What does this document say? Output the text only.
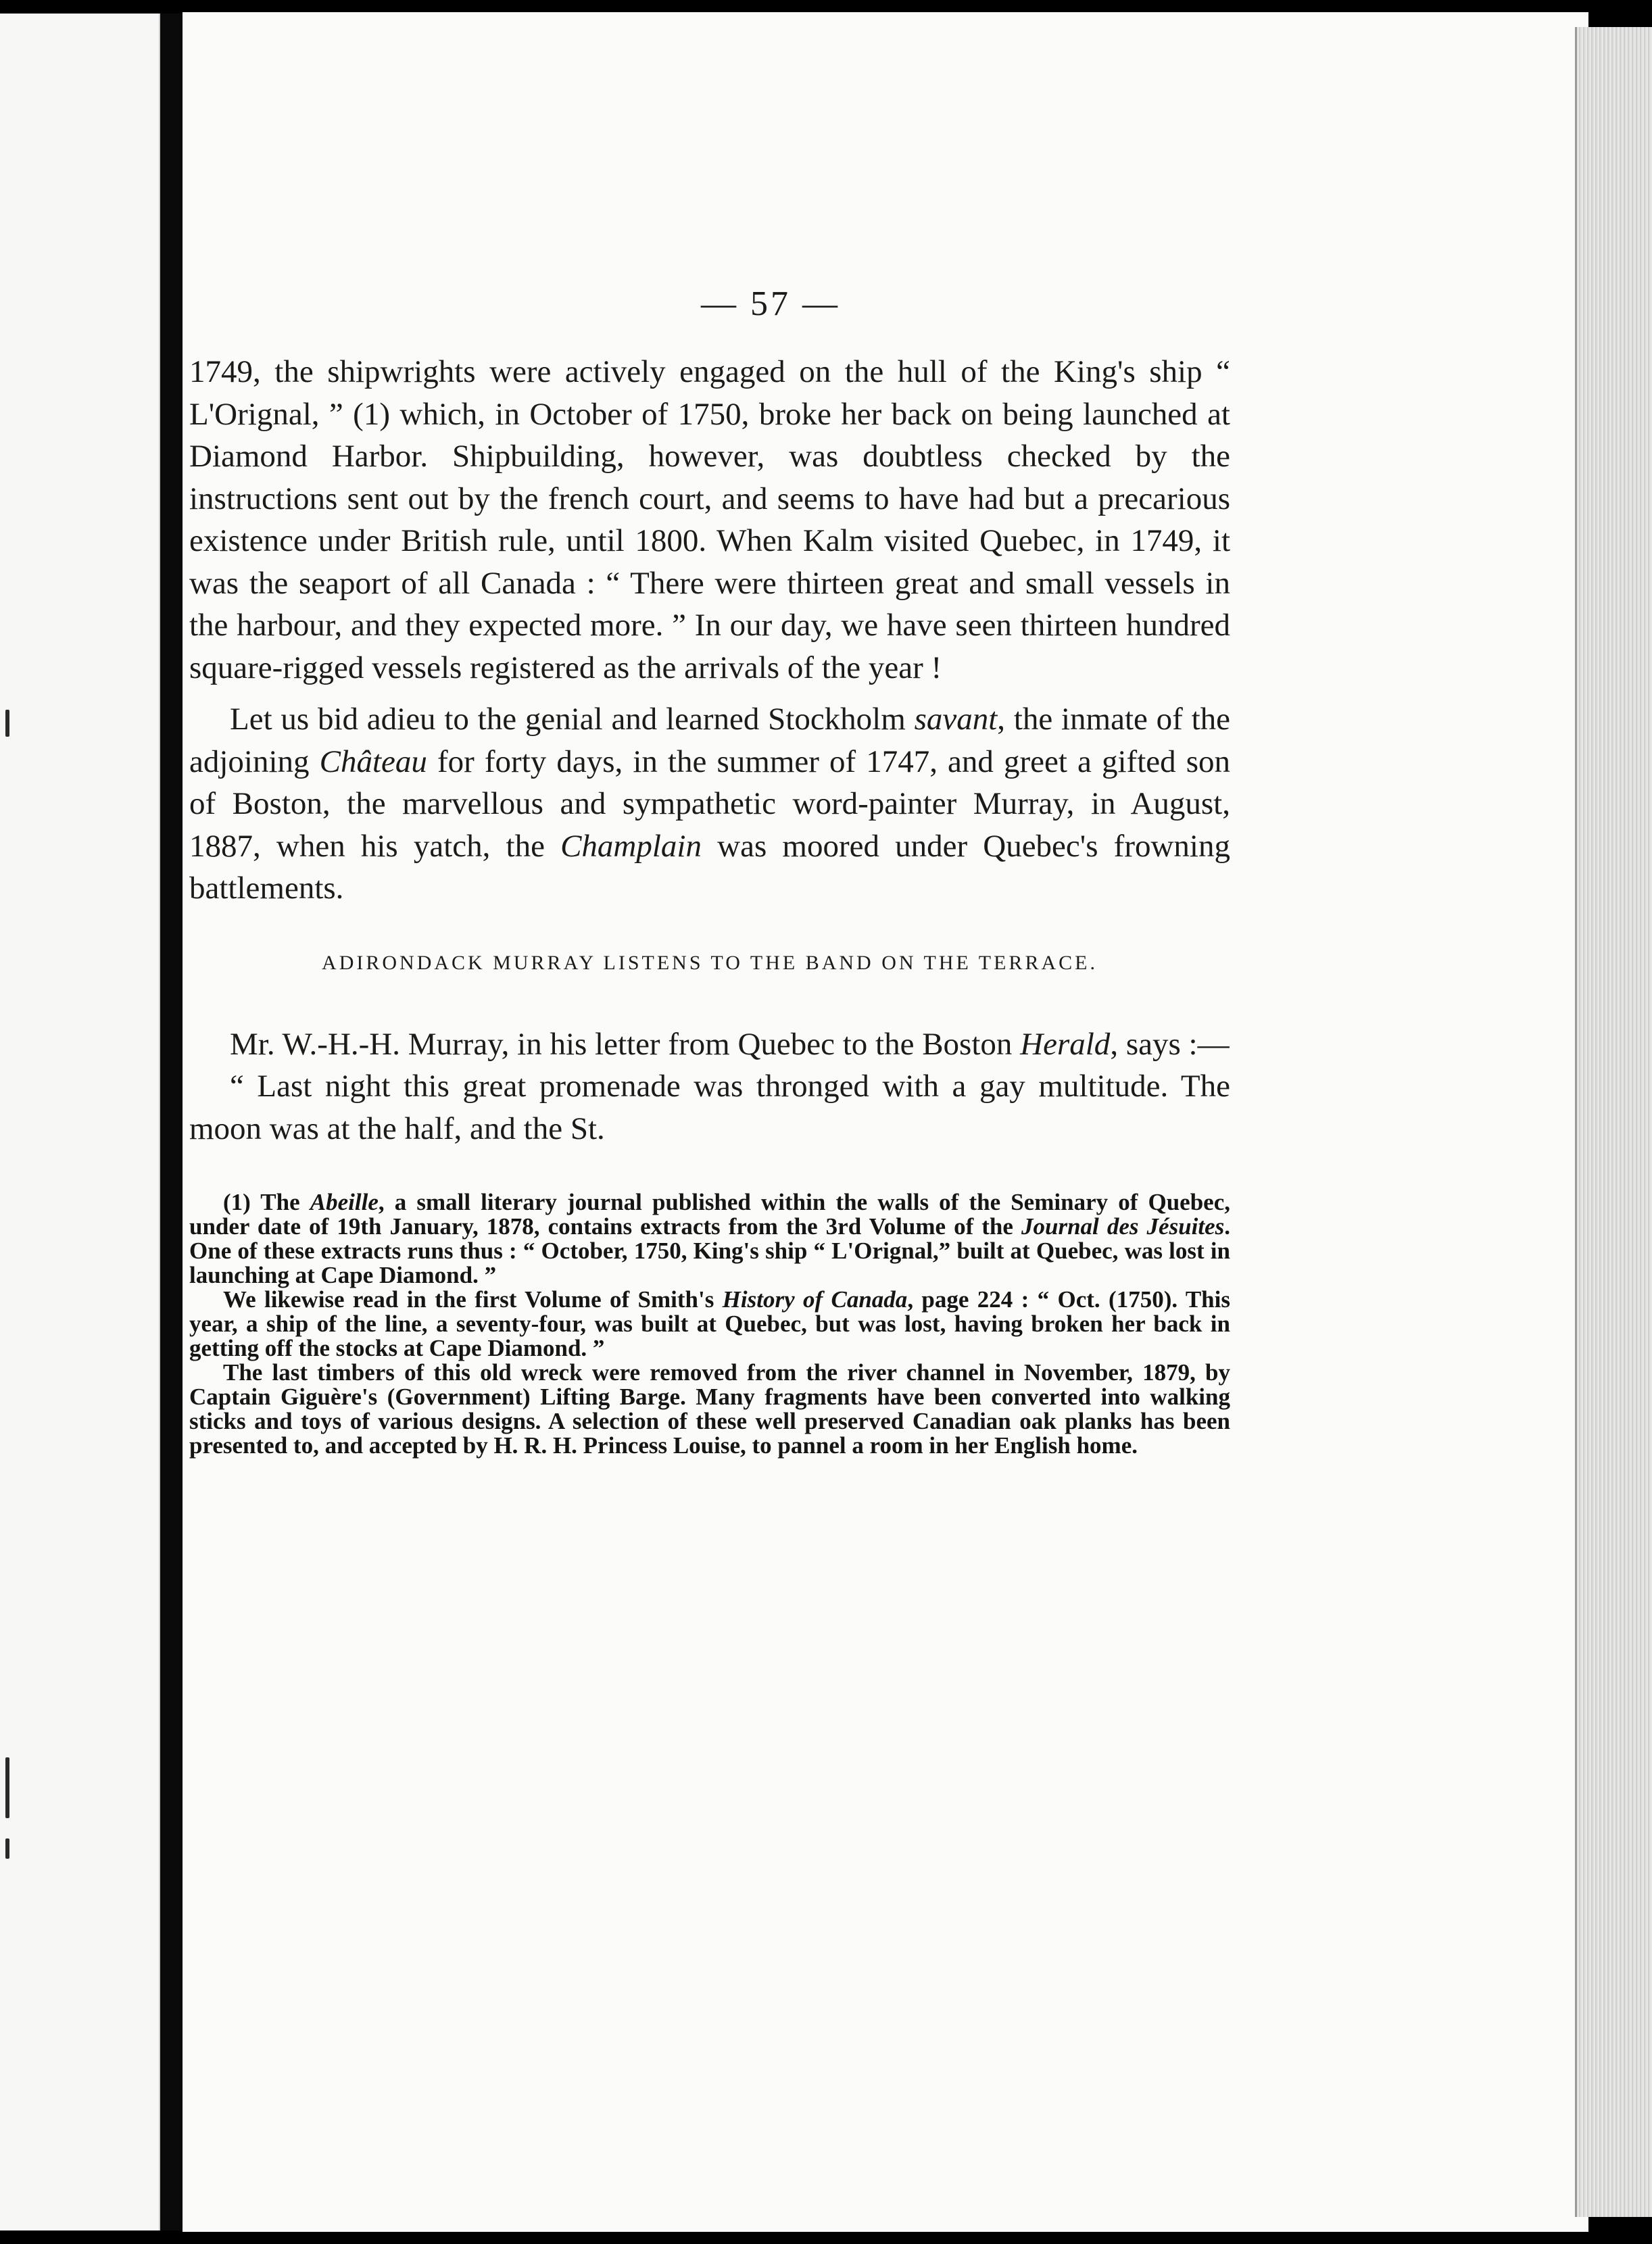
— 57 —

1749, the shipwrights were actively engaged on the hull of the King's ship “ L'Orignal, ” (1) which, in October of 1750, broke her back on being launched at Diamond Harbor. Shipbuilding, however, was doubtless checked by the instructions sent out by the french court, and seems to have had but a precarious existence under British rule, until 1800. When Kalm visited Quebec, in 1749, it was the seaport of all Canada : “ There were thirteen great and small vessels in the harbour, and they expected more. ” In our day, we have seen thirteen hundred square-rigged vessels registered as the arrivals of the year !

Let us bid adieu to the genial and learned Stockholm savant, the inmate of the adjoining Château for forty days, in the summer of 1747, and greet a gifted son of Boston, the marvellous and sympathetic word-painter Murray, in August, 1887, when his yatch, the Champlain was moored under Quebec's frowning battlements.

ADIRONDACK MURRAY LISTENS TO THE BAND ON THE TERRACE.

Mr. W.-H.-H. Murray, in his letter from Quebec to the Boston Herald, says :—

“ Last night this great promenade was thronged with a gay multitude. The moon was at the half, and the St.

(1) The Abeille, a small literary journal published within the walls of the Seminary of Quebec, under date of 19th January, 1878, contains extracts from the 3rd Volume of the Journal des Jésuites. One of these extracts runs thus : “ October, 1750, King's ship “ L'Orignal,” built at Quebec, was lost in launching at Cape Diamond. ”

We likewise read in the first Volume of Smith's History of Canada, page 224 : “ Oct. (1750). This year, a ship of the line, a seventy-four, was built at Quebec, but was lost, having broken her back in getting off the stocks at Cape Diamond. ”

The last timbers of this old wreck were removed from the river channel in November, 1879, by Captain Giguère's (Government) Lifting Barge. Many fragments have been converted into walking sticks and toys of various designs. A selection of these well preserved Canadian oak planks has been presented to, and accepted by H. R. H. Princess Louise, to pannel a room in her English home.
